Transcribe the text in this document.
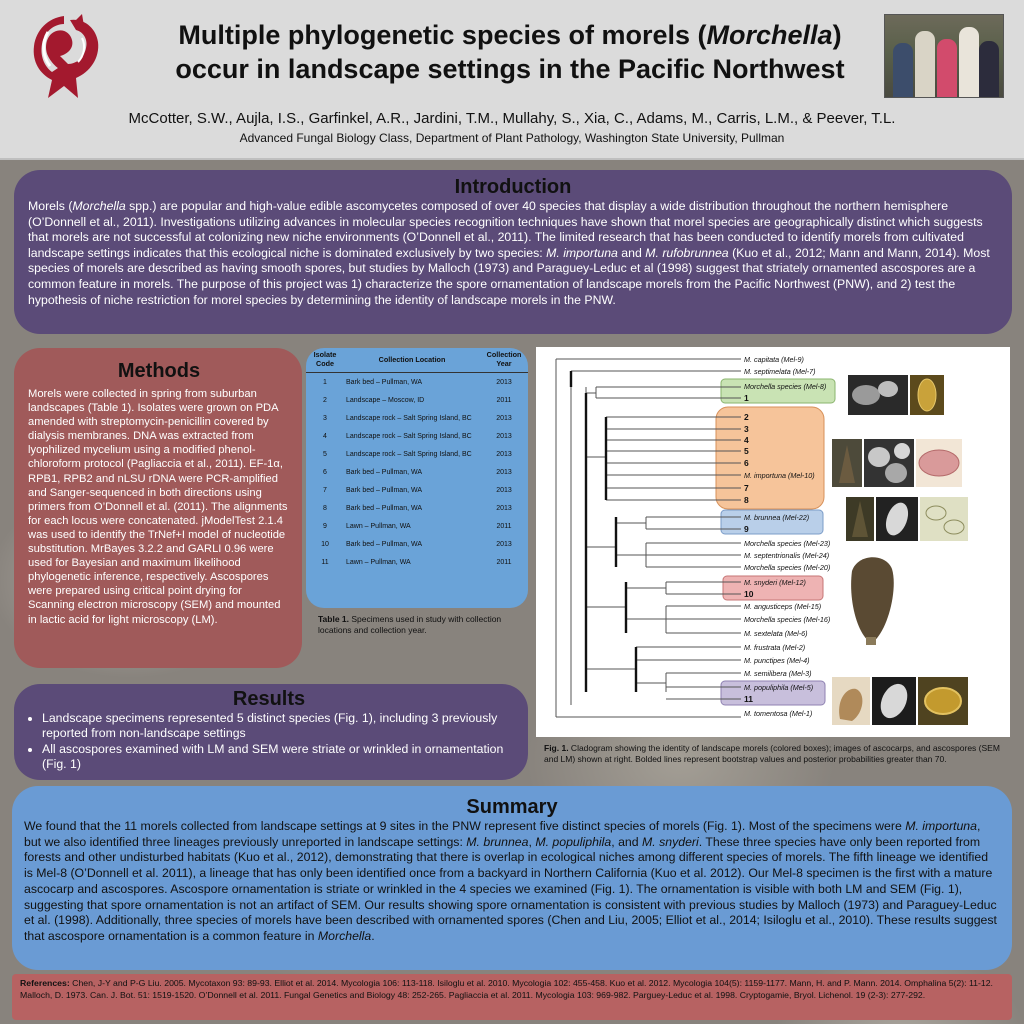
Multiple phylogenetic species of morels (Morchella)
occur in landscape settings in the Pacific Northwest
McCotter, S.W., Aujla, I.S., Garfinkel, A.R., Jardini, T.M., Mullahy, S., Xia, C., Adams, M., Carris, L.M., & Peever, T.L.
Advanced Fungal Biology Class, Department of Plant Pathology, Washington State University, Pullman
Introduction
Morels (Morchella spp.) are popular and high-value edible ascomycetes composed of over 40 species that display a wide distribution throughout the northern hemisphere (O’Donnell et al., 2011). Investigations utilizing advances in molecular species recognition techniques have shown that morel species are geographically distinct which suggests that morels are not successful at colonizing new niche environments (O’Donnell et al., 2011). The limited research that has been conducted to identify morels from cultivated landscape settings indicates that this ecological niche is dominated exclusively by two species: M. importuna and M. rufobrunnea (Kuo et al., 2012; Mann and Mann, 2014). Most species of morels are described as having smooth spores, but studies by Malloch (1973) and Paraguey-Leduc et al (1998) suggest that striately ornamented ascospores are a common feature in morels. The purpose of this project was 1) characterize the spore ornamentation of landscape morels from the Pacific Northwest (PNW), and 2) test the hypothesis of niche restriction for morel species by determining the identity of landscape morels in the PNW.
Methods
Morels were collected in spring from suburban landscapes (Table 1). Isolates were grown on PDA amended with streptomycin-penicillin covered by dialysis membranes. DNA was extracted from lyophilized mycelium using a modified phenol-chloroform protocol (Pagliaccia et al., 2011). EF-1α, RPB1, RPB2 and nLSU rDNA were PCR-amplified and Sanger-sequenced in both directions using primers from O’Donnell et al. (2011). The alignments for each locus were concatenated. jModelTest 2.1.4 was used to identify the TrNef+I model of nucleotide substitution. MrBayes 3.2.2 and GARLI 0.96 were used for Bayesian and maximum likelihood phylogenetic inference, respectively. Ascospores were prepared using critical point drying for Scanning electron microscopy (SEM) and mounted in lactic acid for light microscopy (LM).
Isolate Code	Collection Location	Collection Year
1	Bark bed – Pullman, WA	2013
2	Landscape – Moscow, ID	2011
3	Landscape rock – Salt Spring Island, BC	2013
4	Landscape rock – Salt Spring Island, BC	2013
5	Landscape rock – Salt Spring Island, BC	2013
6	Bark bed – Pullman, WA	2013
7	Bark bed – Pullman, WA	2013
8	Bark bed – Pullman, WA	2013
9	Lawn – Pullman, WA	2011
10	Bark bed – Pullman, WA	2013
11	Lawn – Pullman, WA	2011
Table 1. Specimens used in study with collection locations and collection year.
Results
• Landscape specimens represented 5 distinct species (Fig. 1), including 3 previously reported from non-landscape settings
• All ascospores examined with LM and SEM were striate or wrinkled in ornamentation (Fig. 1)
M. capitata (Mel-9)
M. septimelata (Mel-7)
Morchella species (Mel-8)
1
2
3
4
5
6
M. importuna (Mel-10)
7
8
M. brunnea (Mel-22)
9
Morchella species (Mel-23)
M. septentrionalis (Mel-24)
Morchella species (Mel-20)
M. snyderi (Mel-12)
10
M. angusticeps (Mel-15)
Morchella species (Mel-16)
M. sextelata (Mel-6)
M. frustrata (Mel-2)
M. punctipes (Mel-4)
M. semilibera (Mel-3)
M. populiphila (Mel-5)
11
M. tomentosa (Mel-1)
Fig. 1. Cladogram showing the identity of landscape morels (colored boxes); images of ascocarps, and ascospores (SEM and LM) shown at right. Bolded lines represent bootstrap values and posterior probabilities greater than 70.
Summary
We found that the 11 morels collected from landscape settings at 9 sites in the PNW represent five distinct species of morels (Fig. 1). Most of the specimens were M. importuna, but we also identified three lineages previously unreported in landscape settings: M. brunnea, M. populiphila, and M. snyderi. These three species have only been reported from forests and other undisturbed habitats (Kuo et al., 2012), demonstrating that there is overlap in ecological niches among different species of morels. The fifth lineage we identified is Mel-8 (O’Donnell et al. 2011), a lineage that has only been identified once from a backyard in Northern California (Kuo et al. 2012). Our Mel-8 specimen is the first with a mature ascocarp and ascospores. Ascospore ornamentation is striate or wrinkled in the 4 species we examined (Fig. 1). The ornamentation is visible with both LM and SEM (Fig. 1), suggesting that spore ornamentation is not an artifact of SEM. Our results showing spore ornamentation is consistent with previous studies by Malloch (1973) and Paraguey-Leduc et al. (1998). Additionally, three species of morels have been described with ornamented spores (Chen and Liu, 2005; Elliot et al., 2014; Isiloglu et al., 2010). These results suggest that ascospore ornamentation is a common feature in Morchella.
References: Chen, J-Y and P-G Liu. 2005. Mycotaxon 93: 89-93. Elliot et al. 2014. Mycologia 106: 113-118. Isiloglu et al. 2010. Mycologia 102: 455-458. Kuo et al. 2012. Mycologia 104(5): 1159-1177. Mann, H. and P. Mann. 2014. Omphalina 5(2): 11-12. Malloch, D. 1973. Can. J. Bot. 51: 1519-1520. O’Donnell et al. 2011. Fungal Genetics and Biology 48: 252-265. Pagliaccia et al. 2011. Mycologia 103: 969-982. Parguey-Leduc et al. 1998. Cryptogamie, Bryol. Lichenol. 19 (2-3): 277-292.
